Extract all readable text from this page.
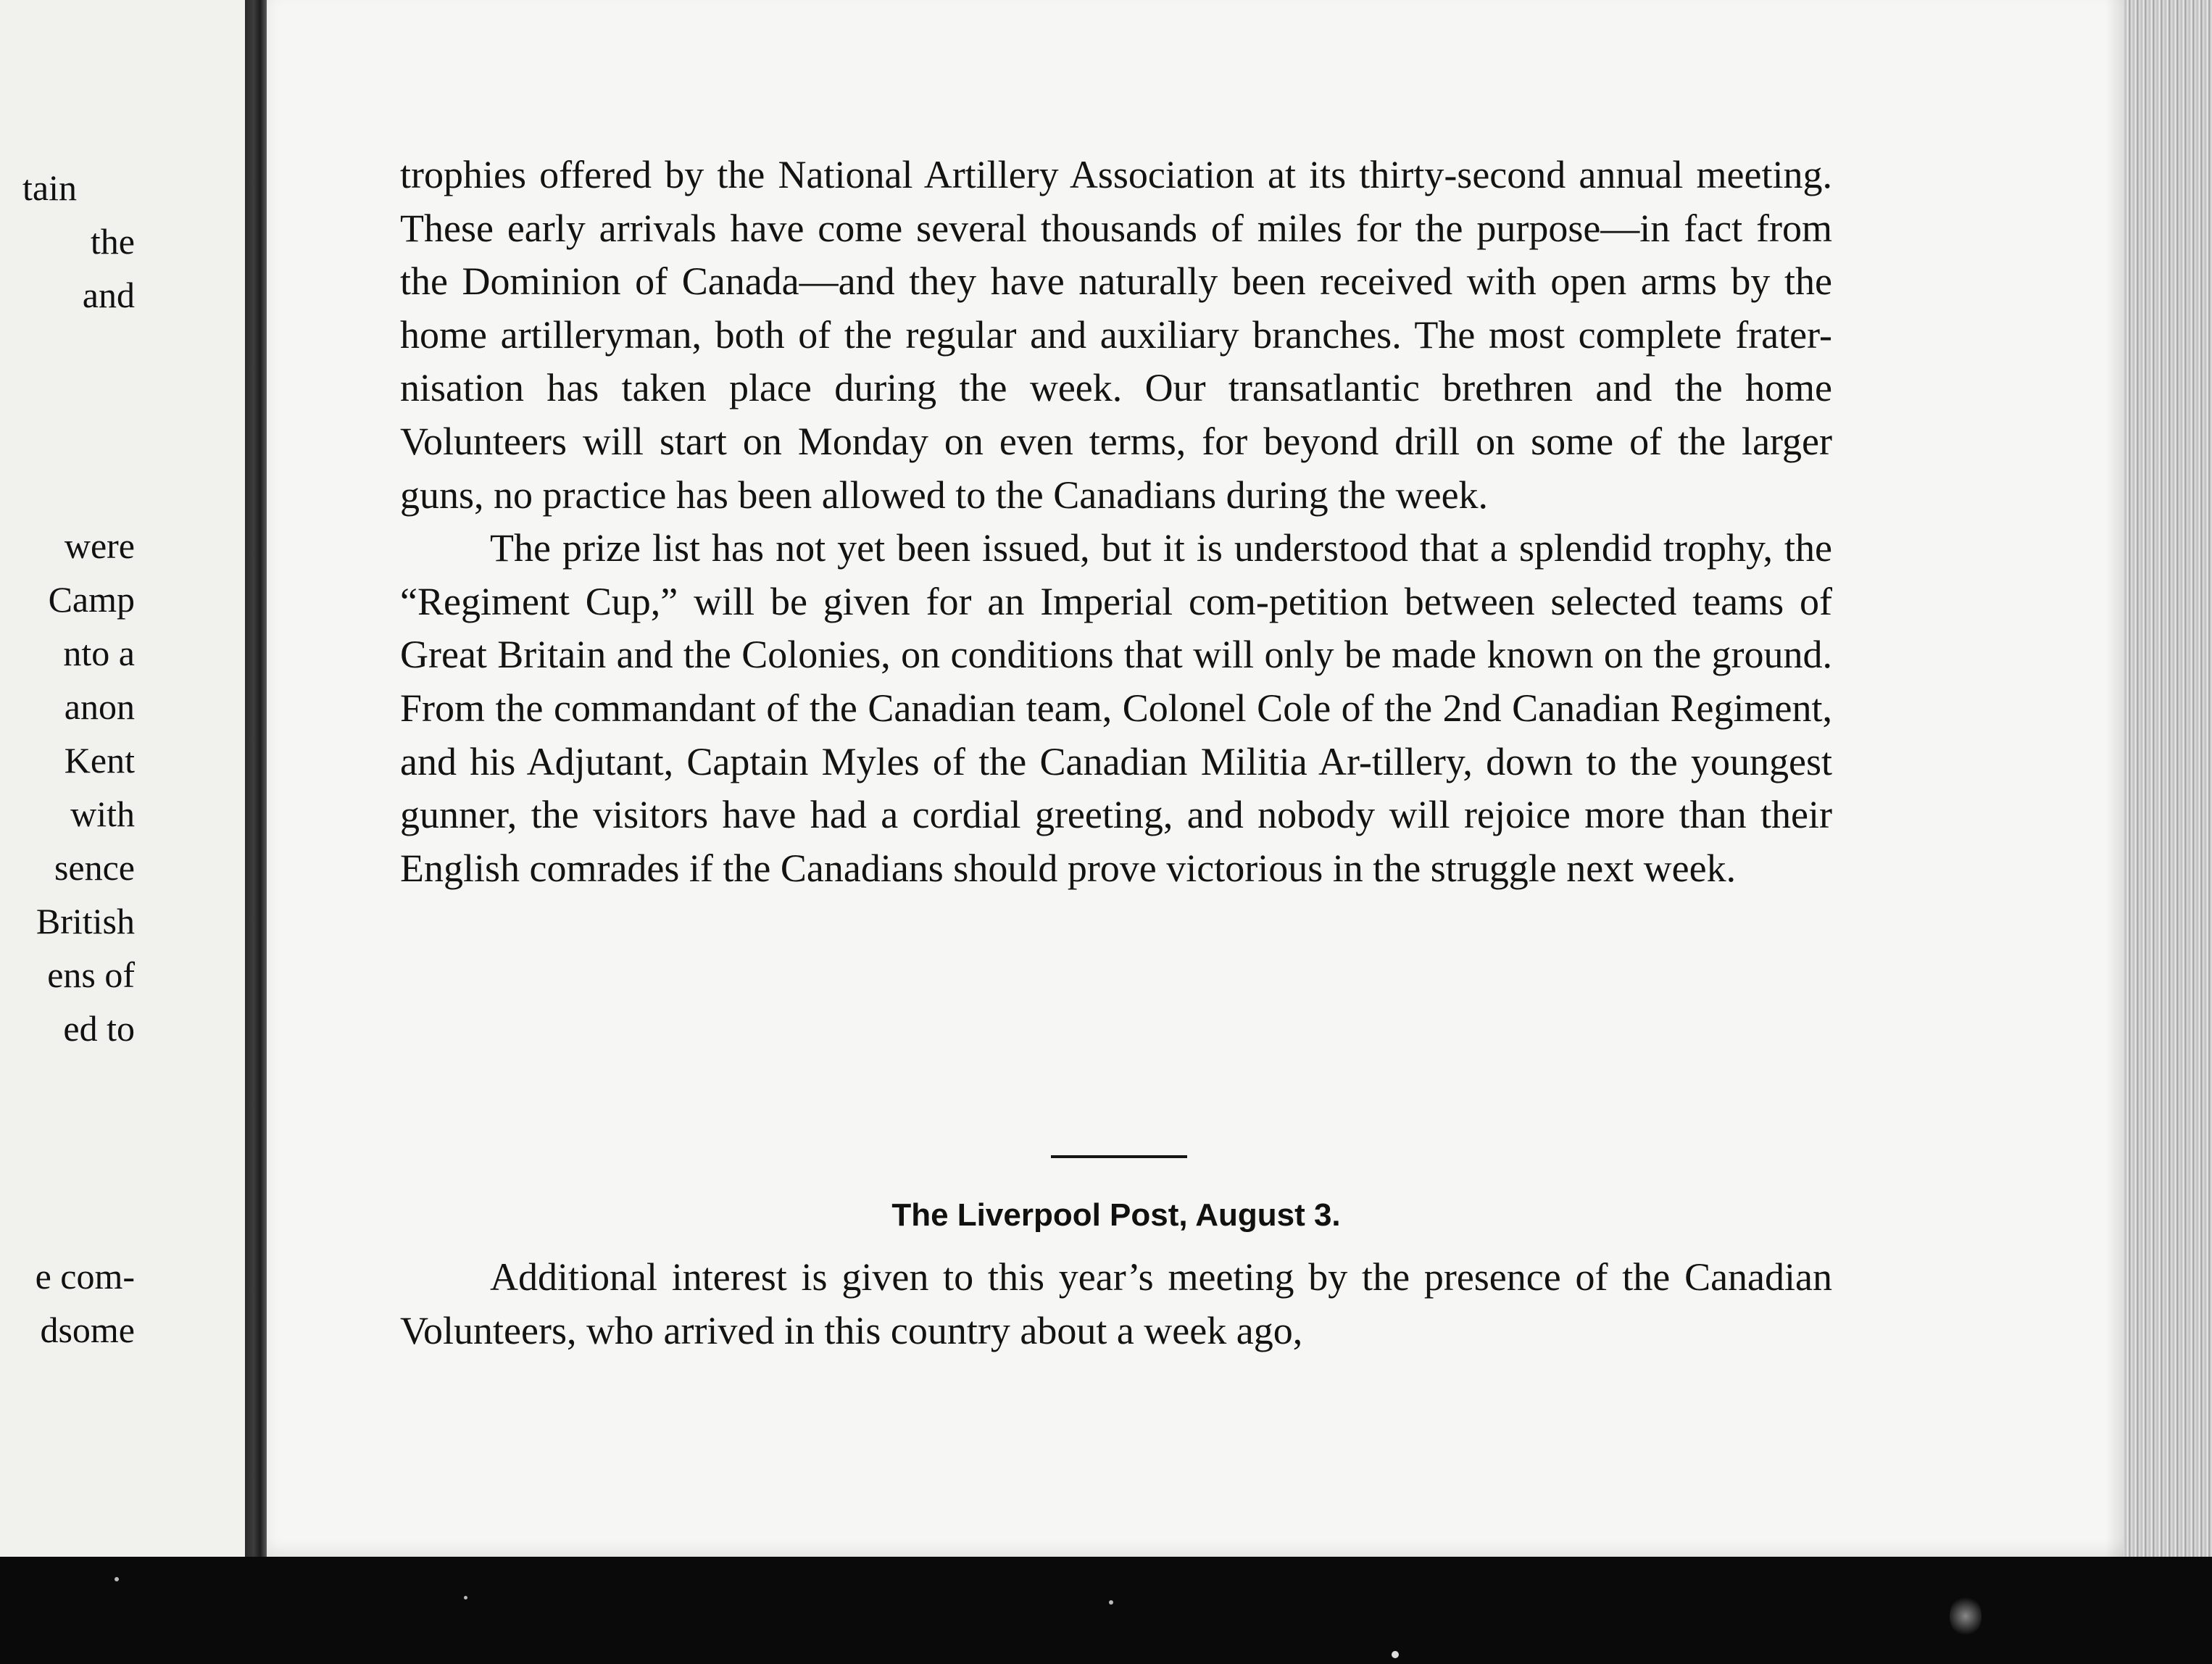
tain
the
and
were
Camp
nto a
anon
Kent
with
sence
British
ens of
ed to
e com-
dsome

trophies offered by the National Artillery Association at its thirty-second annual meeting. These early arrivals have come several thousands of miles for the purpose—in fact from the Dominion of Canada—and they have naturally been received with open arms by the home artilleryman, both of the regular and auxiliary branches. The most complete frater-nisation has taken place during the week. Our transatlantic brethren and the home Volunteers will start on Monday on even terms, for beyond drill on some of the larger guns, no practice has been allowed to the Canadians during the week.

The prize list has not yet been issued, but it is understood that a splendid trophy, the “Regiment Cup,” will be given for an Imperial com-petition between selected teams of Great Britain and the Colonies, on conditions that will only be made known on the ground. From the commandant of the Canadian team, Colonel Cole of the 2nd Canadian Regiment, and his Adjutant, Captain Myles of the Canadian Militia Ar-tillery, down to the youngest gunner, the visitors have had a cordial greeting, and nobody will rejoice more than their English comrades if the Canadians should prove victorious in the struggle next week.

The Liverpool Post, August 3.

Additional interest is given to this year’s meeting by the presence of the Canadian Volunteers, who arrived in this country about a week ago,
